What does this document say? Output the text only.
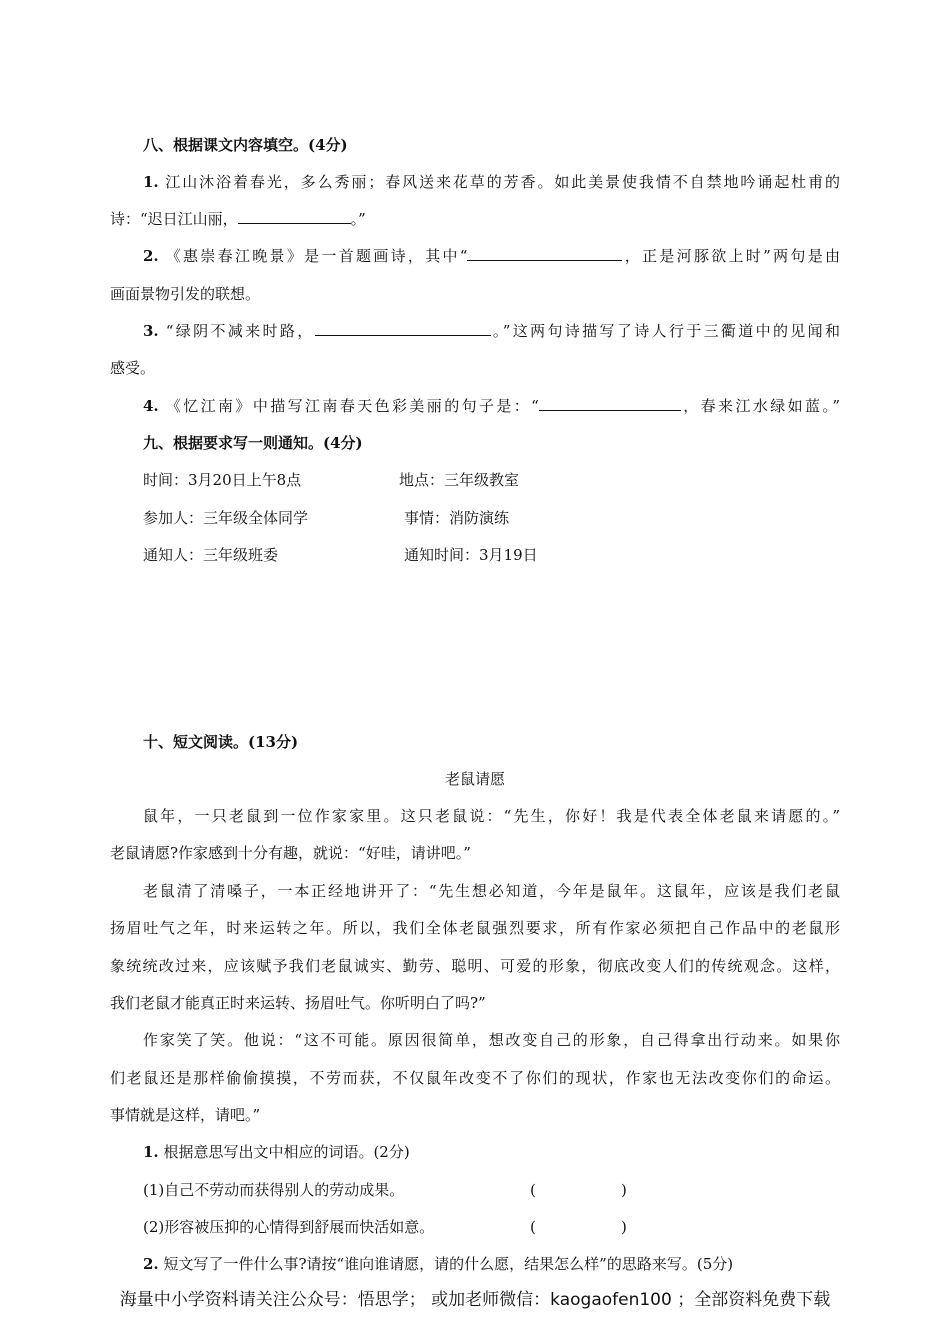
八、根据课文内容填空。(4分)
1. 江山沐浴着春光，多么秀丽；春风送来花草的芳香。如此美景使我情不自禁地吟诵起杜甫的
诗：“迟日江山丽，	。”
2. 《惠崇春江晚景》是一首题画诗，其中“	，正是河豚欲上时”两句是由
画面景物引发的联想。
3. “绿阴不减来时路，	。”这两句诗描写了诗人行于三衢道中的见闻和
感受。
4. 《忆江南》中描写江南春天色彩美丽的句子是：“	，春来江水绿如蓝。”
九、根据要求写一则通知。(4分)
时间：3月20日上午8点	地点：三年级教室
参加人：三年级全体同学	事情：消防演练
通知人：三年级班委	通知时间：3月19日
十、短文阅读。(13分)
老鼠请愿
鼠年，一只老鼠到一位作家家里。这只老鼠说：“先生，你好！我是代表全体老鼠来请愿的。”
老鼠请愿?作家感到十分有趣，就说：“好哇，请讲吧。”
老鼠清了清嗓子，一本正经地讲开了：“先生想必知道，今年是鼠年。这鼠年，应该是我们老鼠
扬眉吐气之年，时来运转之年。所以，我们全体老鼠强烈要求，所有作家必须把自己作品中的老鼠形
象统统改过来，应该赋予我们老鼠诚实、勤劳、聪明、可爱的形象，彻底改变人们的传统观念。这样，
我们老鼠才能真正时来运转、扬眉吐气。你听明白了吗?”
作家笑了笑。他说：“这不可能。原因很简单，想改变自己的形象，自己得拿出行动来。如果你
们老鼠还是那样偷偷摸摸，不劳而获，不仅鼠年改变不了你们的现状，作家也无法改变你们的命运。
事情就是这样，请吧。”
1. 根据意思写出文中相应的词语。(2分)
(1)自己不劳动而获得别人的劳动成果。	(	)
(2)形容被压抑的心情得到舒展而快活如意。	(	)
2. 短文写了一件什么事?请按“谁向谁请愿，请的什么愿，结果怎么样”的思路来写。(5分)
海量中小学资料请关注公众号：悟思学； 或加老师微信：kaogaofen100 ；全部资料免费下载
